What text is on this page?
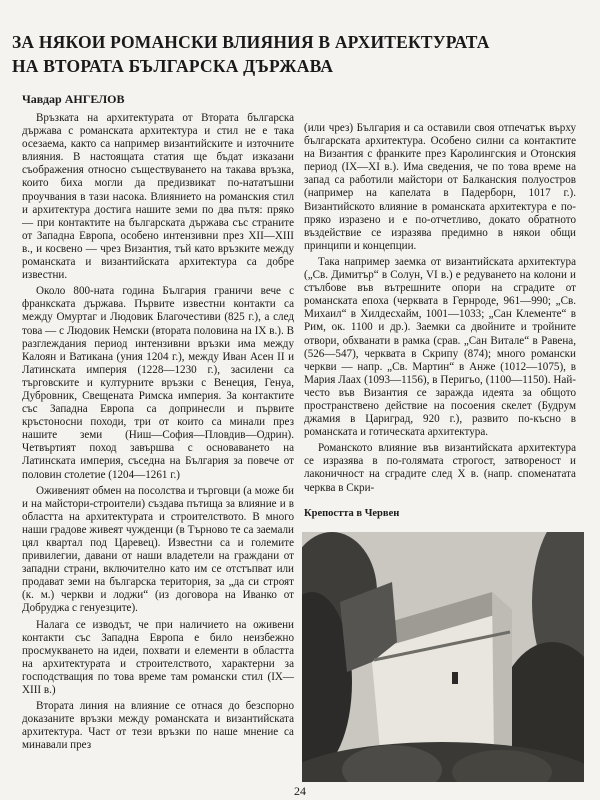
ЗА НЯКОИ РОМАНСКИ ВЛИЯНИЯ В АРХИТЕКТУРАТА
НА ВТОРАТА БЪЛГАРСКА ДЪРЖАВА
Чавдар АНГЕЛОВ

Връзката на архитектурата от Втората българска държава с романската архитектура и стил не е така осезаема, както са например византийските и източните влияния. В настоящата статия ще бъдат изказани съображения относно съществуването на такава връзка, които биха могли да предизвикат по-нататъшни проучвания в тази насока. Влиянието на романския стил и архитектура достига нашите земи по два пътя: пряко — при контактите на българската държава със страните от Западна Европа, особено интензивни през XII—XIII в., и косвено — чрез Византия, тъй като връзките между романската и византийската архитектура са добре известни.

Около 800-ната година България граничи вече с франкската държава. Първите известни контакти са между Омуртаг и Людовик Благочестиви (825 г.), а след това — с Людовик Немски (втората половина на IX в.). В разглеждания период интензивни връзки има между Калоян и Ватикана (уния 1204 г.), между Иван Асен II и Латинската империя (1228—1230 г.), засилени са търговските и културните връзки с Венеция, Генуа, Дубровник, Свещената Римска империя. За контактите със Западна Европа са допринесли и първите кръстоносни походи, три от които са минали през нашите земи (Ниш—София—Пловдив—Одрин). Четвъртият поход завършва с основаването на Латинската империя, съседна на България за повече от половин столетие (1204—1261 г.)

Оживеният обмен на посолства и търговци (а може би и на майстори-строители) създава пътища за влияние и в областта на архитектурата и строителството. В много наши градове живеят чужденци (в Търново те са заемали цял квартал под Царевец). Известни са и големите привилегии, давани от наши владетели на граждани от западни страни, включително като им се отстъпват или продават земи на българска територия, за „да си строят (к. м.) черкви и лоджи“ (из договора на Иванко от Добруджа с генуезците).

Налага се изводът, че при наличието на оживени контакти със Западна Европа е било неизбежно просмукването на идеи, похвати и елементи в областта на архитектурата и строителството, характерни за господстващия по това време там романски стил (IX—XIII в.)

Втората линия на влияние се отнася до безспорно доказаните връзки между романската и византийската архитектура. Част от тези връзки по наше мнение са минавали през

(или чрез) България и са оставили своя отпечатък върху българската архитектура. Особено силни са контактите на Византия с франките през Каролингския и Отонския период (IX—XI в.). Има сведения, че по това време на запад са работили майстори от Балканския полуостров (например на капелата в Падерборн, 1017 г.). Византийското влияние в романската архитектура е по-пряко изразено и е по-отчетливо, докато обратното въздействие се изразява предимно в някои общи принципи и концепции.

Така например заемка от византийската архитектура („Св. Димитър“ в Солун, VI в.) е редуването на колони и стълбове във вътрешните опори на сградите от романската епоха (черквата в Гернроде, 961—990; „Св. Михаил“ в Хилдесхайм, 1001—1033; „Сан Клементе“ в Рим, ок. 1100 и др.). Заемки са двойните и тройните отвори, обхванати в рамка (срав. „Сан Витале“ в Равена, (526—547), черквата в Скрипу (874); много романски черкви — напр. „Св. Мартин“ в Анже (1012—1075), в Мария Лаах (1093—1156), в Перигьо, (1100—1150). Най-често във Византия се заражда идеята за общото пространствено действие на посоения скелет (Будрум джамия в Цариград, 920 г.), развито по-късно в романската и готическата архитектура.

Романското влияние във византийската архитектура се изразява в по-голямата строгост, затвореност и лаконичност на сградите след X в. (напр. споменатата черква в Скри-

Крепостта в Червен
24
